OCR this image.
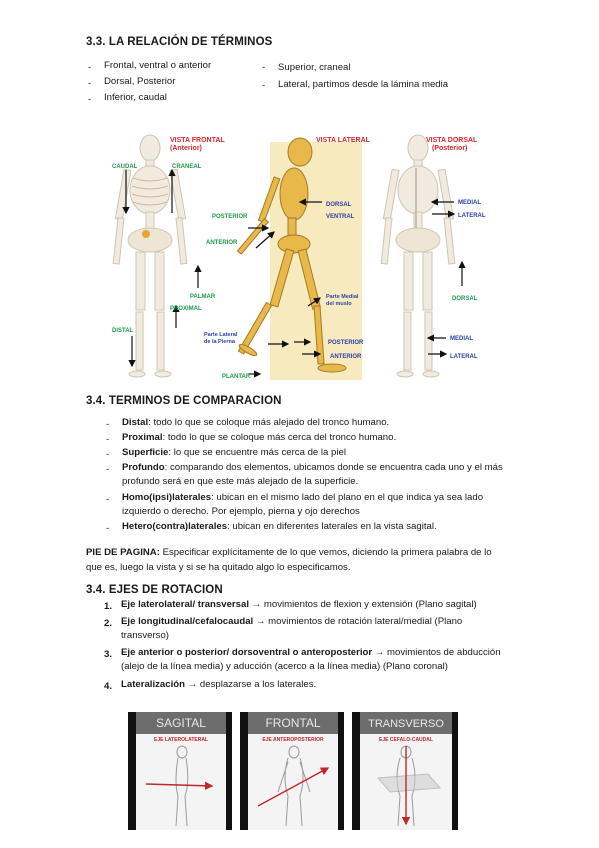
3.3. LA RELACIÓN DE TÉRMINOS
- Frontal, ventral o anterior
- Dorsal, Posterior
- Inferior, caudal
- Superior, craneal
- Lateral, partimos desde la lámina media
VISTA FRONTAL
(Anterior)
CAUDAL	CRANEAL
PALMAR
PROXIMAL
DISTAL
VISTA LATERAL
DORSAL
VENTRAL
POSTERIOR
ANTERIOR
Parte Medial
del muslo
Parte Lateral
de la Pierna	POSTERIOR
ANTERIOR
PLANTAR
VISTA DORSAL
(Posterior)
MEDIAL
LATERAL
DORSAL
MEDIAL
LATERAL
3.4. TERMINOS DE COMPARACION
- Distal: todo lo que se coloque más alejado del tronco humano.
- Proximal: todo lo que se coloque más cerca del tronco humano.
- Superficie: lo que se encuentre más cerca de la piel
- Profundo: comparando dos elementos, ubicamos donde se encuentra cada uno y el más
profundo será en que este más alejado de la superficie.
- Homo(ipsi)laterales: ubican en el mismo lado del plano en el que indica ya sea lado
izquierdo o derecho. Por ejemplo, pierna y ojo derechos
- Hetero(contra)laterales: ubican en diferentes laterales en la vista sagital.
PIE DE PAGINA: Especificar explícitamente de lo que vemos, diciendo la primera palabra de lo
que es, luego la vista y si se ha quitado algo lo especificamos.
3.4. EJES DE ROTACION
1. Eje laterolateral/ transversal → movimientos de flexion y extensión (Plano sagital)
2. Eje longitudinal/cefalocaudal → movimientos de rotación lateral/medial (Plano
transverso)
3. Eje anterior o posterior/ dorsoventral o anteroposterior → movimientos de abducción
(alejo de la línea media) y aducción (acerco a la línea media) (Plano coronal)
4. Lateralización → desplazarse a los laterales.
SAGITAL
EJE LATEROLATERAL
FRONTAL
EJE ANTEROPOSTERIOR
TRANSVERSO
EJE CEFALO-CAUDAL
